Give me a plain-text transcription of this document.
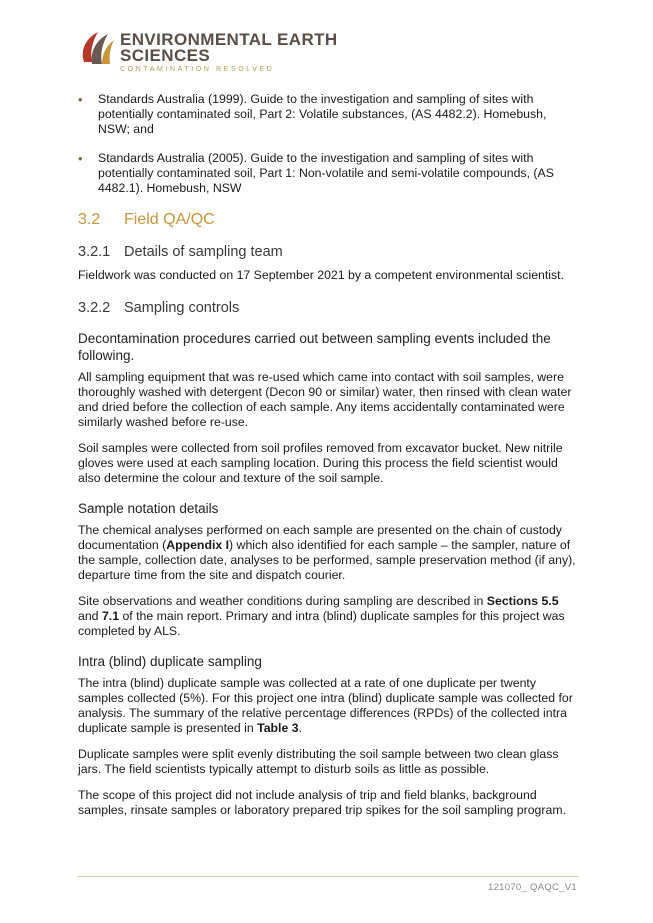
ENVIRONMENTAL EARTH
SCIENCES
CONTAMINATION RESOLVED
• Standards Australia (1999). Guide to the investigation and sampling of sites with potentially contaminated soil, Part 2: Volatile substances, (AS 4482.2). Homebush, NSW; and
• Standards Australia (2005). Guide to the investigation and sampling of sites with potentially contaminated soil, Part 1: Non-volatile and semi-volatile compounds, (AS 4482.1). Homebush, NSW
3.2 Field QA/QC
3.2.1 Details of sampling team

Fieldwork was conducted on 17 September 2021 by a competent environmental scientist.

3.2.2 Sampling controls
Decontamination procedures carried out between sampling events included the following.

All sampling equipment that was re-used which came into contact with soil samples, were thoroughly washed with detergent (Decon 90 or similar) water, then rinsed with clean water and dried before the collection of each sample. Any items accidentally contaminated were similarly washed before re-use.

Soil samples were collected from soil profiles removed from excavator bucket. New nitrile gloves were used at each sampling location. During this process the field scientist would also determine the colour and texture of the soil sample.

Sample notation details

The chemical analyses performed on each sample are presented on the chain of custody documentation (Appendix I) which also identified for each sample – the sampler, nature of the sample, collection date, analyses to be performed, sample preservation method (if any), departure time from the site and dispatch courier.

Site observations and weather conditions during sampling are described in Sections 5.5 and 7.1 of the main report. Primary and intra (blind) duplicate samples for this project was completed by ALS.

Intra (blind) duplicate sampling

The intra (blind) duplicate sample was collected at a rate of one duplicate per twenty samples collected (5%). For this project one intra (blind) duplicate sample was collected for analysis. The summary of the relative percentage differences (RPDs) of the collected intra duplicate sample is presented in Table 3.

Duplicate samples were split evenly distributing the soil sample between two clean glass jars. The field scientists typically attempt to disturb soils as little as possible.

The scope of this project did not include analysis of trip and field blanks, background samples, rinsate samples or laboratory prepared trip spikes for the soil sampling program.

121070_ QAQC_V1
